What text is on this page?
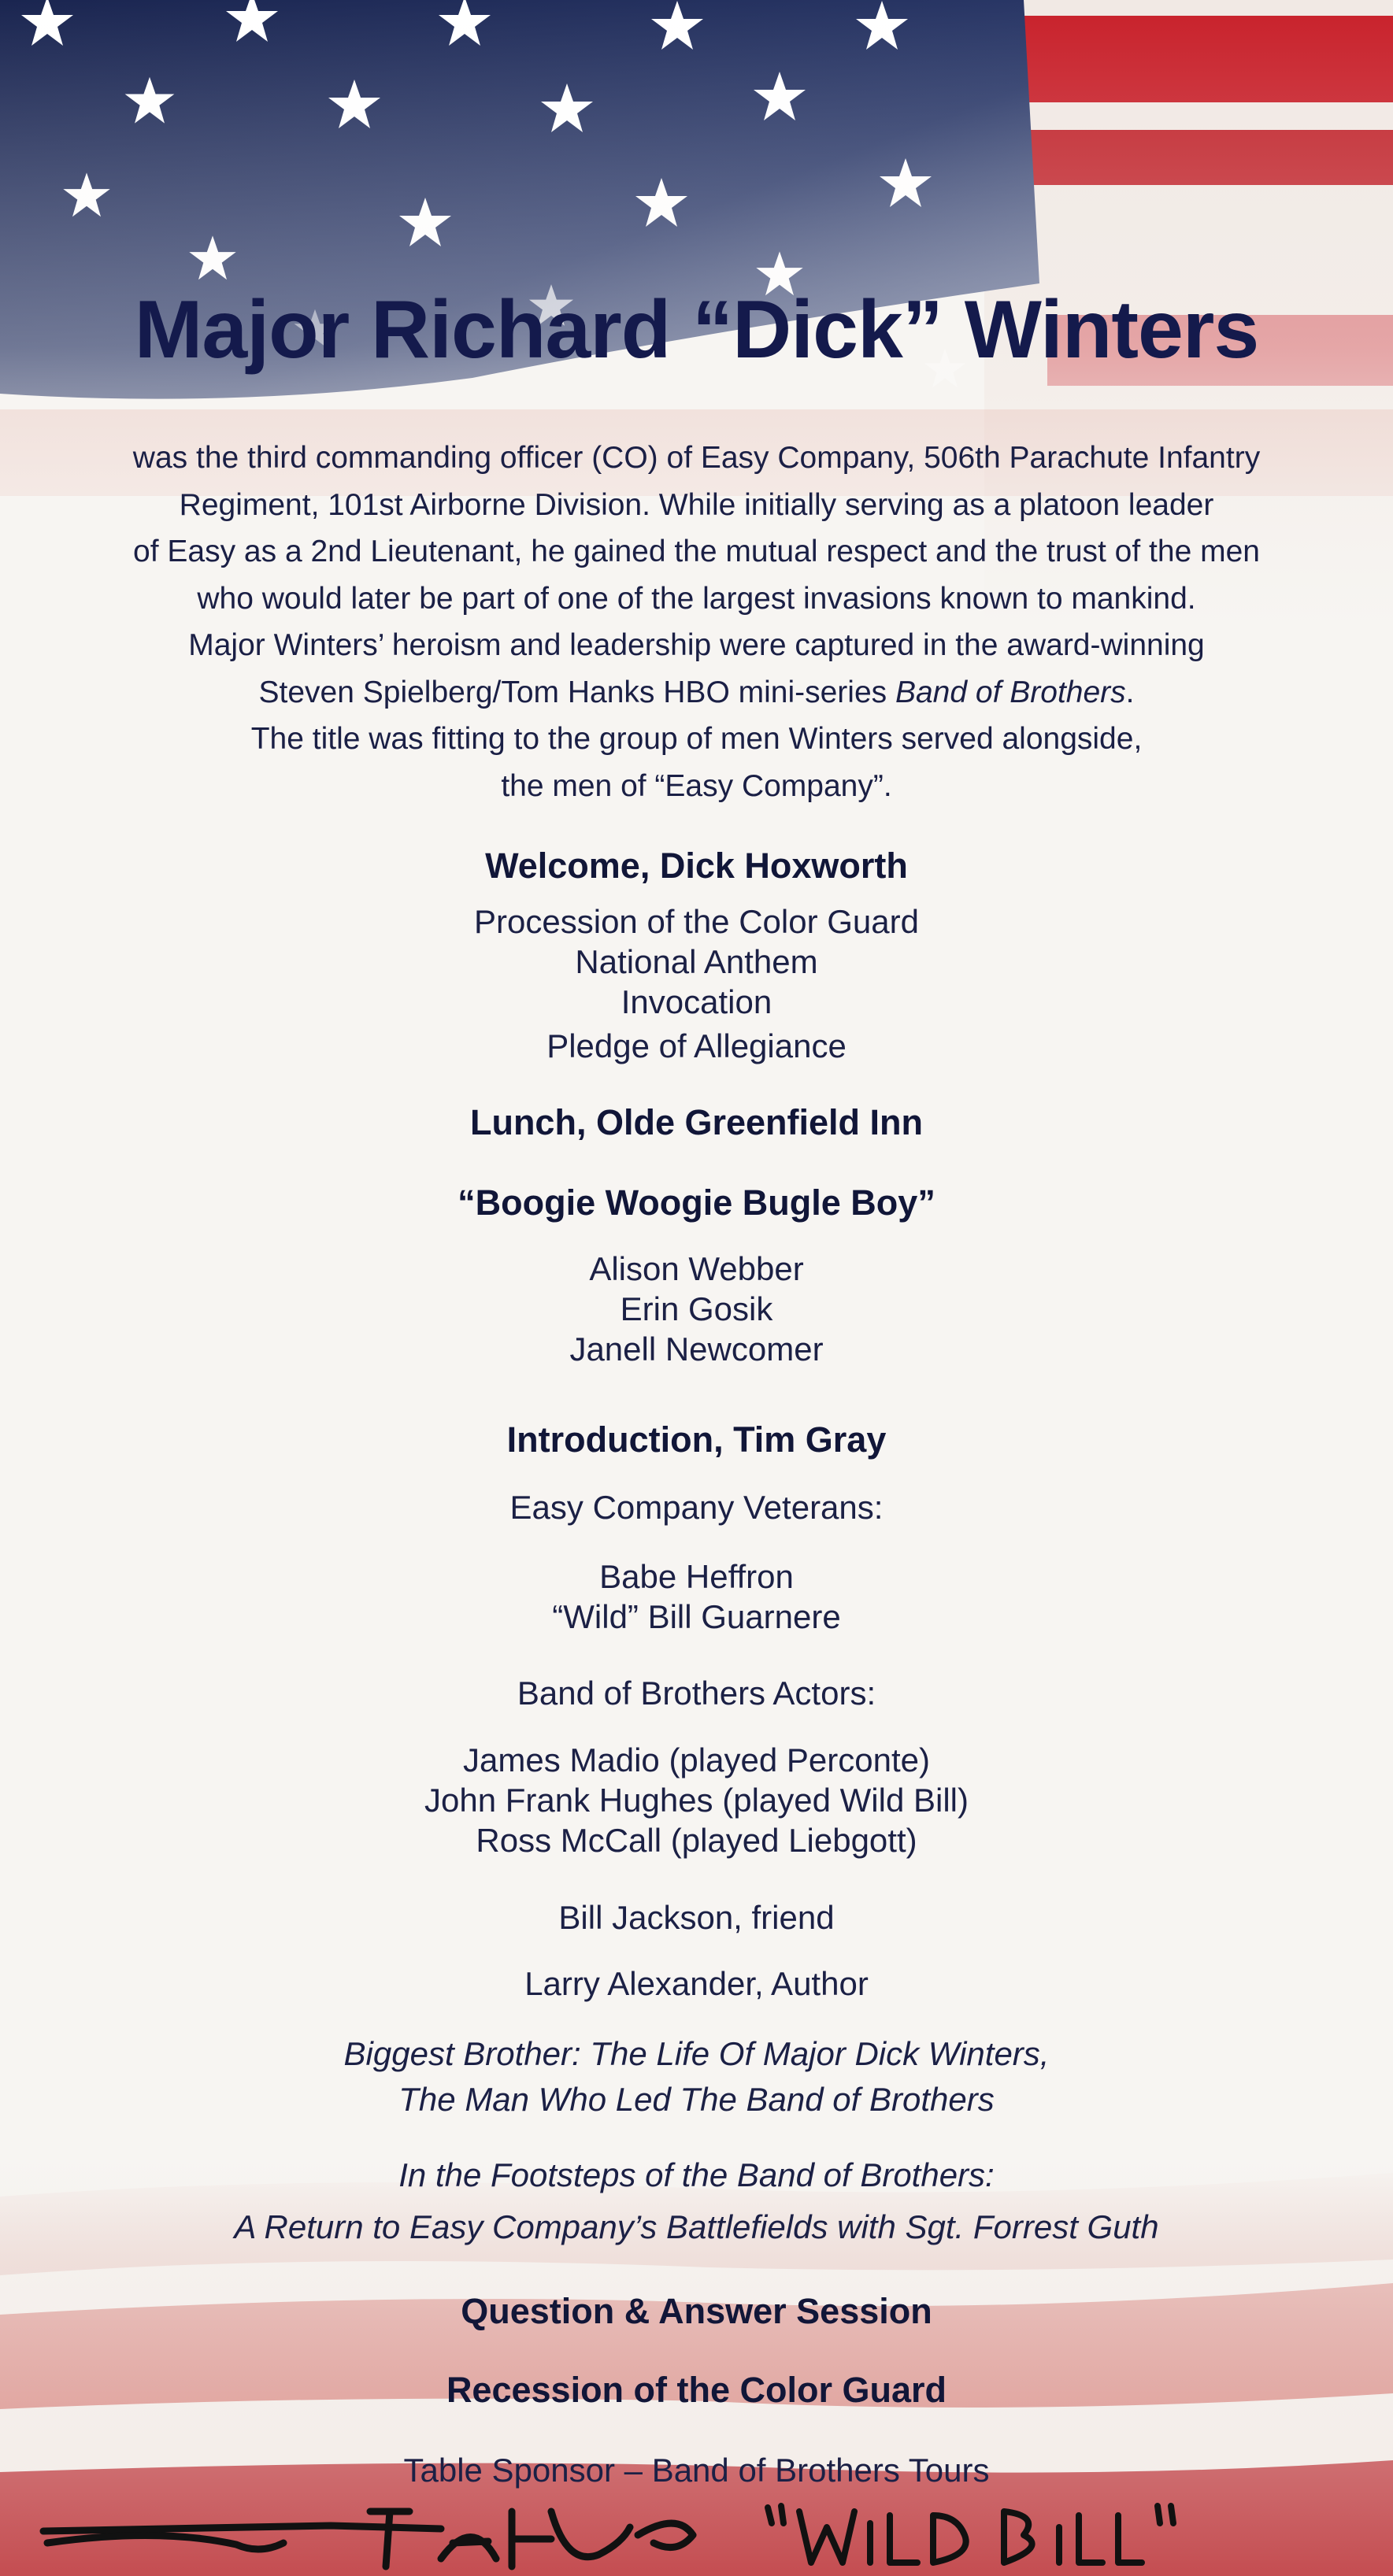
Major Richard “Dick” Winters

was the third commanding officer (CO) of Easy Company, 506th Parachute Infantry
Regiment, 101st Airborne Division. While initially serving as a platoon leader
of Easy as a 2nd Lieutenant, he gained the mutual respect and the trust of the men
who would later be part of one of the largest invasions known to mankind.
Major Winters’ heroism and leadership were captured in the award-winning
Steven Spielberg/Tom Hanks HBO mini-series Band of Brothers.
The title was fitting to the group of men Winters served alongside,
the men of “Easy Company”.

Welcome, Dick Hoxworth
Procession of the Color Guard
National Anthem
Invocation
Pledge of Allegiance
Lunch, Olde Greenfield Inn
“Boogie Woogie Bugle Boy”
Alison Webber
Erin Gosik
Janell Newcomer
Introduction, Tim Gray
Easy Company Veterans:
Babe Heffron
“Wild” Bill Guarnere
Band of Brothers Actors:
James Madio (played Perconte)
John Frank Hughes (played Wild Bill)
Ross McCall (played Liebgott)
Bill Jackson, friend
Larry Alexander, Author
Biggest Brother: The Life Of Major Dick Winters,
The Man Who Led The Band of Brothers
In the Footsteps of the Band of Brothers:
A Return to Easy Company’s Battlefields with Sgt. Forrest Guth
Question & Answer Session
Recession of the Color Guard
Table Sponsor – Band of Brothers Tours
